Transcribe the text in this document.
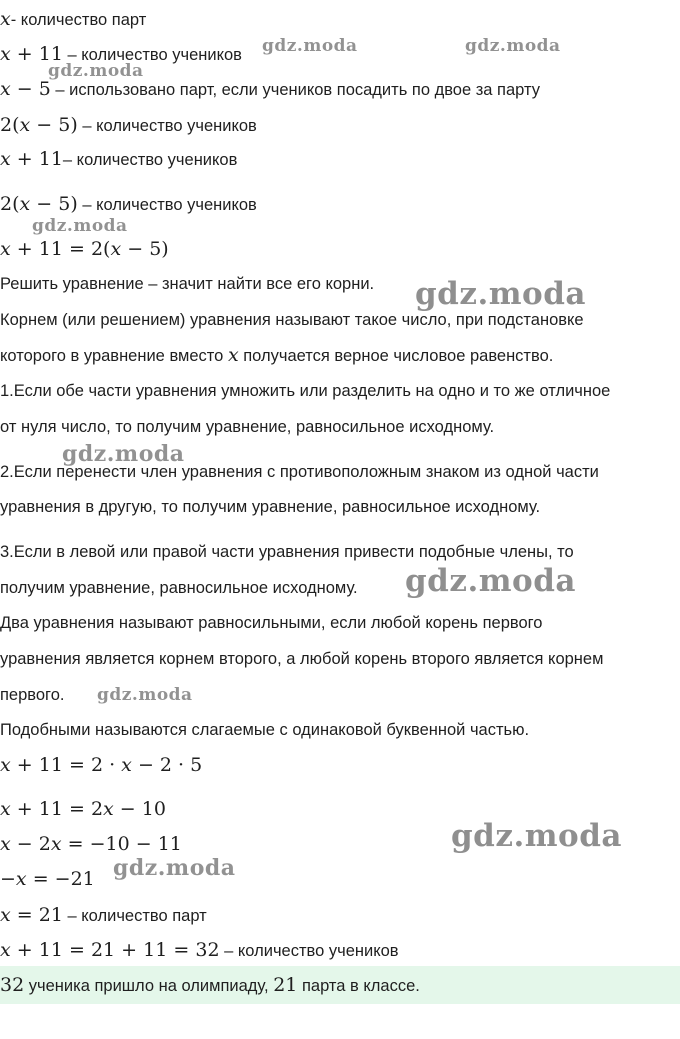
x- количество парт
x + 11 – количество учеников
x − 5 – использовано парт, если учеников посадить по двое за парту
2(x − 5) – количество учеников
x + 11– количество учеников
2(x − 5) – количество учеников
x + 11 = 2(x − 5)
Решить уравнение – значит найти все его корни.
Корнем (или решением) уравнения называют такое число, при подстановке
которого в уравнение вместо x получается верное числовое равенство.
1.Если обе части уравнения умножить или разделить на одно и то же отличное
от нуля число, то получим уравнение, равносильное исходному.
2.Если перенести член уравнения с противоположным знаком из одной части
уравнения в другую, то получим уравнение, равносильное исходному.
3.Если в левой или правой части уравнения привести подобные члены, то
получим уравнение, равносильное исходному.
Два уравнения называют равносильными, если любой корень первого
уравнения является корнем второго, а любой корень второго является корнем
первого.
Подобными называются слагаемые с одинаковой буквенной частью.
x + 11 = 2 · x − 2 · 5
x + 11 = 2x − 10
x − 2x = −10 − 11
−x = −21
x = 21 – количество парт
x + 11 = 21 + 11 = 32 – количество учеников
32 ученика пришло на олимпиаду, 21 парта в классе.
gdz.moda	gdz.moda
gdz.moda
gdz.moda
gdz.moda
gdz.moda
gdz.moda
gdz.moda
gdz.moda
gdz.moda
